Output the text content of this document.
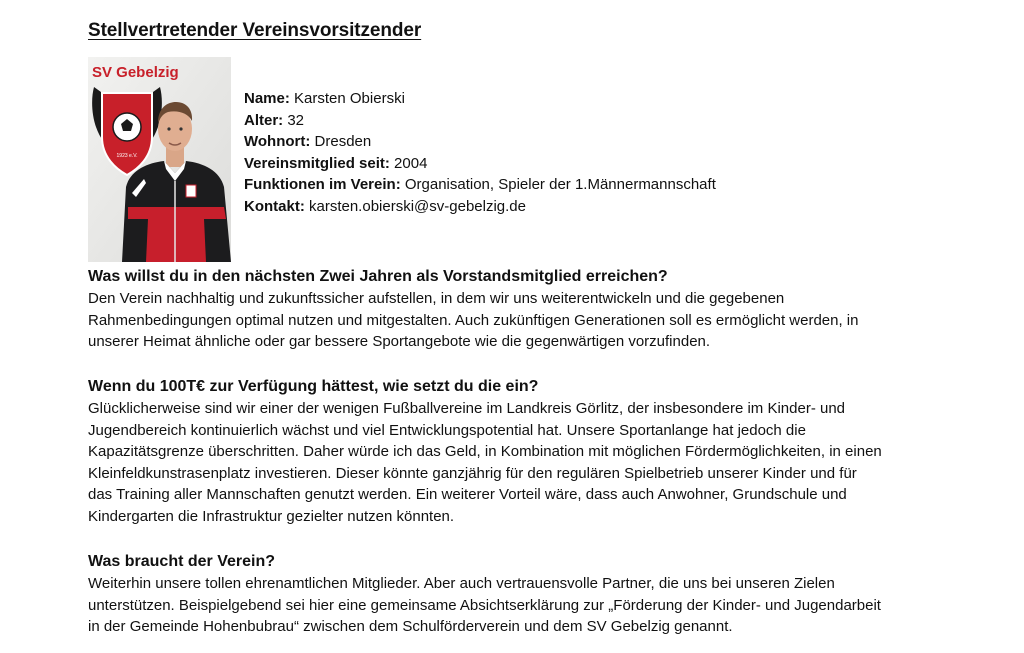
Stellvertretender Vereinsvorsitzender
SV Gebelzig
1923 e.V.
Name: Karsten Obierski
Alter: 32
Wohnort: Dresden
Vereinsmitglied seit: 2004
Funktionen im Verein: Organisation, Spieler der 1.Männermannschaft
Kontakt: karsten.obierski@sv-gebelzig.de
Was willst du in den nächsten Zwei Jahren als Vorstandsmitglied erreichen?
Den Verein nachhaltig und zukunftssicher aufstellen, in dem wir uns weiterentwickeln und die gegebenen
Rahmenbedingungen optimal nutzen und mitgestalten. Auch zukünftigen Generationen soll es ermöglicht werden, in
unserer Heimat ähnliche oder gar bessere Sportangebote wie die gegenwärtigen vorzufinden.
Wenn du 100T€ zur Verfügung hättest, wie setzt du die ein?
Glücklicherweise sind wir einer der wenigen Fußballvereine im Landkreis Görlitz, der insbesondere im Kinder- und
Jugendbereich kontinuierlich wächst und viel Entwicklungspotential hat. Unsere Sportanlange hat jedoch die
Kapazitätsgrenze überschritten. Daher würde ich das Geld, in Kombination mit möglichen Fördermöglichkeiten, in einen
Kleinfeldkunstrasenplatz investieren. Dieser könnte ganzjährig für den regulären Spielbetrieb unserer Kinder und für
das Training aller Mannschaften genutzt werden. Ein weiterer Vorteil wäre, dass auch Anwohner, Grundschule und
Kindergarten die Infrastruktur gezielter nutzen könnten.
Was braucht der Verein?
Weiterhin unsere tollen ehrenamtlichen Mitglieder. Aber auch vertrauensvolle Partner, die uns bei unseren Zielen
unterstützen. Beispielgebend sei hier eine gemeinsame Absichtserklärung zur „Förderung der Kinder- und Jugendarbeit
in der Gemeinde Hohenbubrau“ zwischen dem Schulförderverein und dem SV Gebelzig genannt.
